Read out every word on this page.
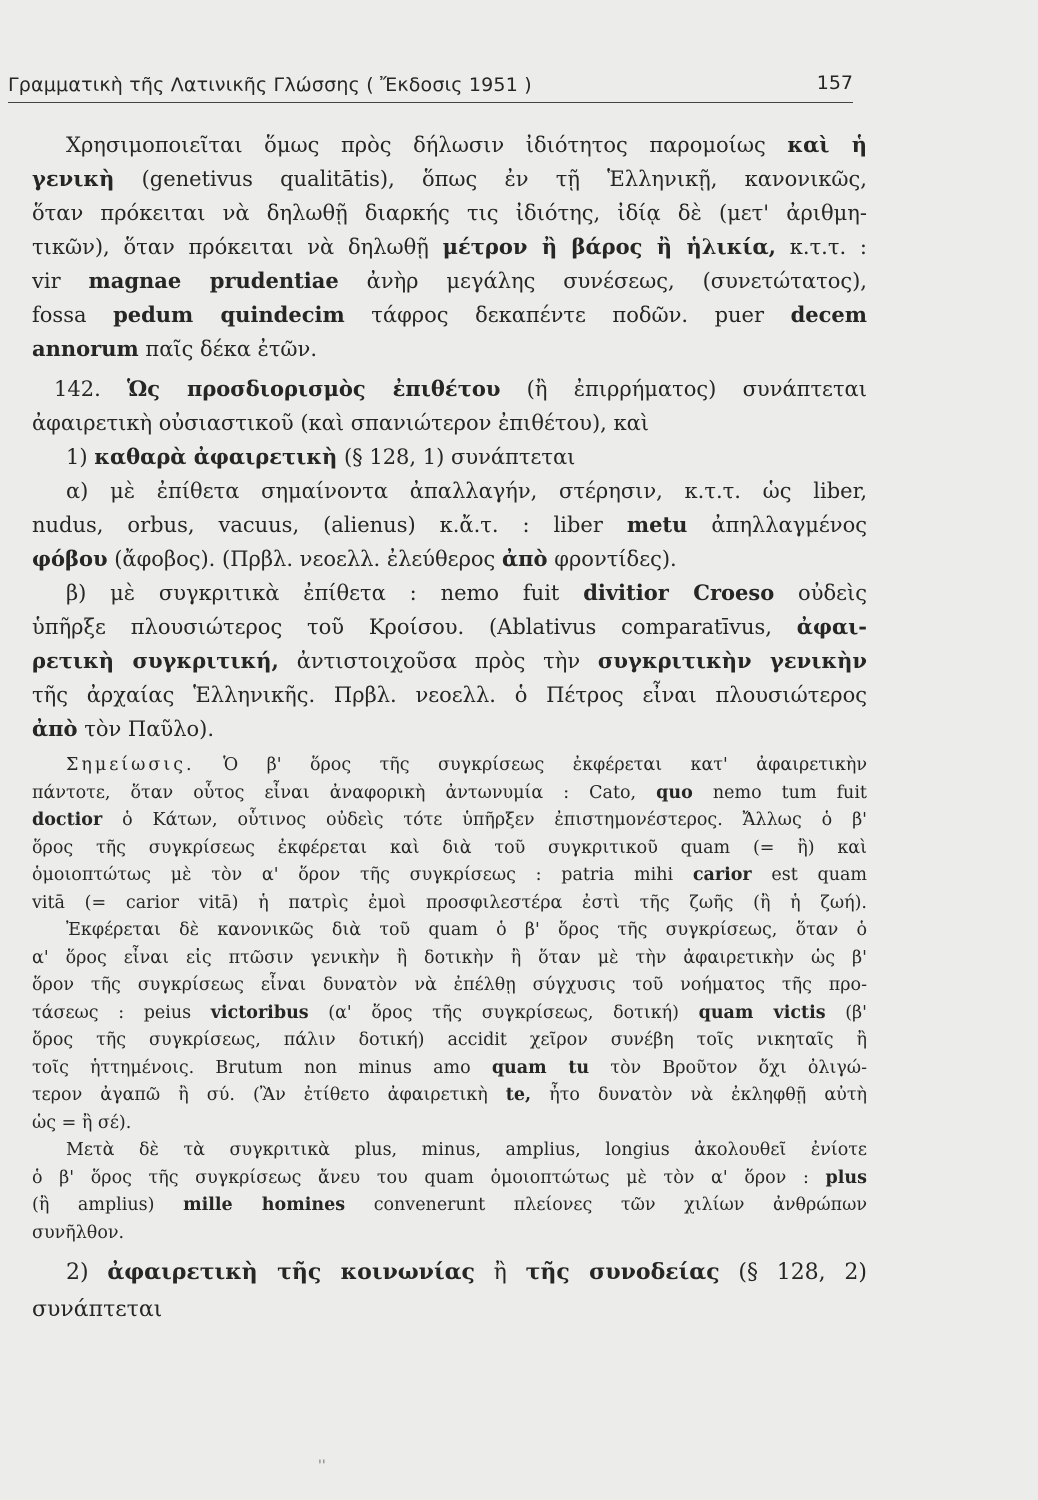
Γραμματικὴ τῆς Λατινικῆς Γλώσσης ( Ἔκδοσις 1951 )	157
Χρησιμοποιεῖται ὅμως πρὸς δήλωσιν ἰδιότητος παρομοίως καὶ ἡ
γενικὴ (genetivus qualitātis), ὅπως ἐν τῇ Ἑλληνικῇ, κανονικῶς,
ὅταν πρόκειται νὰ δηλωθῇ διαρκής τις ἰδιότης, ἰδίᾳ δὲ (μετ' ἀριθμη-
τικῶν), ὅταν πρόκειται νὰ δηλωθῇ μέτρον ἢ βάρος ἢ ἡλικία, κ.τ.τ. :
vir magnae prudentiae ἀνὴρ μεγάλης συνέσεως, (συνετώτατος),
fossa pedum quindecim τάφρος δεκαπέντε ποδῶν. puer decem
annorum παῖς δέκα ἐτῶν.
142. Ὡς προσδιορισμὸς ἐπιθέτου (ἢ ἐπιρρήματος) συνάπτεται
ἀφαιρετικὴ οὐσιαστικοῦ (καὶ σπανιώτερον ἐπιθέτου), καὶ
1) καθαρὰ ἀφαιρετικὴ (§ 128, 1) συνάπτεται
α) μὲ ἐπίθετα σημαίνοντα ἀπαλλαγήν, στέρησιν, κ.τ.τ. ὡς liber,
nudus, orbus, vacuus, (alienus) κ.ἄ.τ. : liber metu ἀπηλλαγμένος
φόβου (ἄφοβος). (Πρβλ. νεοελλ. ἐλεύθερος ἀπὸ φροντίδες).
β) μὲ συγκριτικὰ ἐπίθετα : nemo fuit divitior Croeso οὐδεὶς
ὑπῆρξε πλουσιώτερος τοῦ Κροίσου. (Ablativus comparatīvus, ἀφαι-
ρετικὴ συγκριτική, ἀντιστοιχοῦσα πρὸς τὴν συγκριτικὴν γενικὴν
τῆς ἀρχαίας Ἑλληνικῆς. Πρβλ. νεοελλ. ὁ Πέτρος εἶναι πλουσιώτερος
ἀπὸ τὸν Παῦλο).
Σημείωσις. Ὁ β' ὅρος τῆς συγκρίσεως ἐκφέρεται κατ' ἀφαιρετικὴν
πάντοτε, ὅταν οὗτος εἶναι ἀναφορικὴ ἀντωνυμία : Cato, quo nemo tum fuit
doctior ὁ Κάτων, οὗτινος οὐδεὶς τότε ὑπῆρξεν ἐπιστημονέστερος. Ἄλλως ὁ β'
ὅρος τῆς συγκρίσεως ἐκφέρεται καὶ διὰ τοῦ συγκριτικοῦ quam (= ἢ) καὶ
ὁμοιοπτώτως μὲ τὸν α' ὅρον τῆς συγκρίσεως : patria mihi carior est quam
vitā (= carior vitā) ἡ πατρὶς ἐμοὶ προσφιλεστέρα ἐστὶ τῆς ζωῆς (ἢ ἡ ζωή).
Ἐκφέρεται δὲ κανονικῶς διὰ τοῦ quam ὁ β' ὅρος τῆς συγκρίσεως, ὅταν ὁ
α' ὅρος εἶναι εἰς πτῶσιν γενικὴν ἢ δοτικὴν ἢ ὅταν μὲ τὴν ἀφαιρετικὴν ὡς β'
ὅρον τῆς συγκρίσεως εἶναι δυνατὸν νὰ ἐπέλθῃ σύγχυσις τοῦ νοήματος τῆς προ-
τάσεως : peius victoribus (α' ὅρος τῆς συγκρίσεως, δοτική) quam victis (β'
ὅρος τῆς συγκρίσεως, πάλιν δοτική) accidit χεῖρον συνέβη τοῖς νικηταῖς ἢ
τοῖς ἡττημένοις. Brutum non minus amo quam tu τὸν Βροῦτον ὄχι ὀλιγώ-
τερον ἀγαπῶ ἢ σύ. (Ἂν ἐτίθετο ἀφαιρετικὴ te, ἦτο δυνατὸν νὰ ἐκληφθῇ αὐτὴ
ὡς = ἢ σέ).
Μετὰ δὲ τὰ συγκριτικὰ plus, minus, amplius, longius ἀκολουθεῖ ἐνίοτε
ὁ β' ὅρος τῆς συγκρίσεως ἄνευ του quam ὁμοιοπτώτως μὲ τὸν α' ὅρον : plus
(ἢ amplius) mille homines convenerunt πλείονες τῶν χιλίων ἀνθρώπων
συνῆλθον.
2) ἀφαιρετικὴ τῆς κοινωνίας ἢ τῆς συνοδείας (§ 128, 2)
συνάπτεται
''
